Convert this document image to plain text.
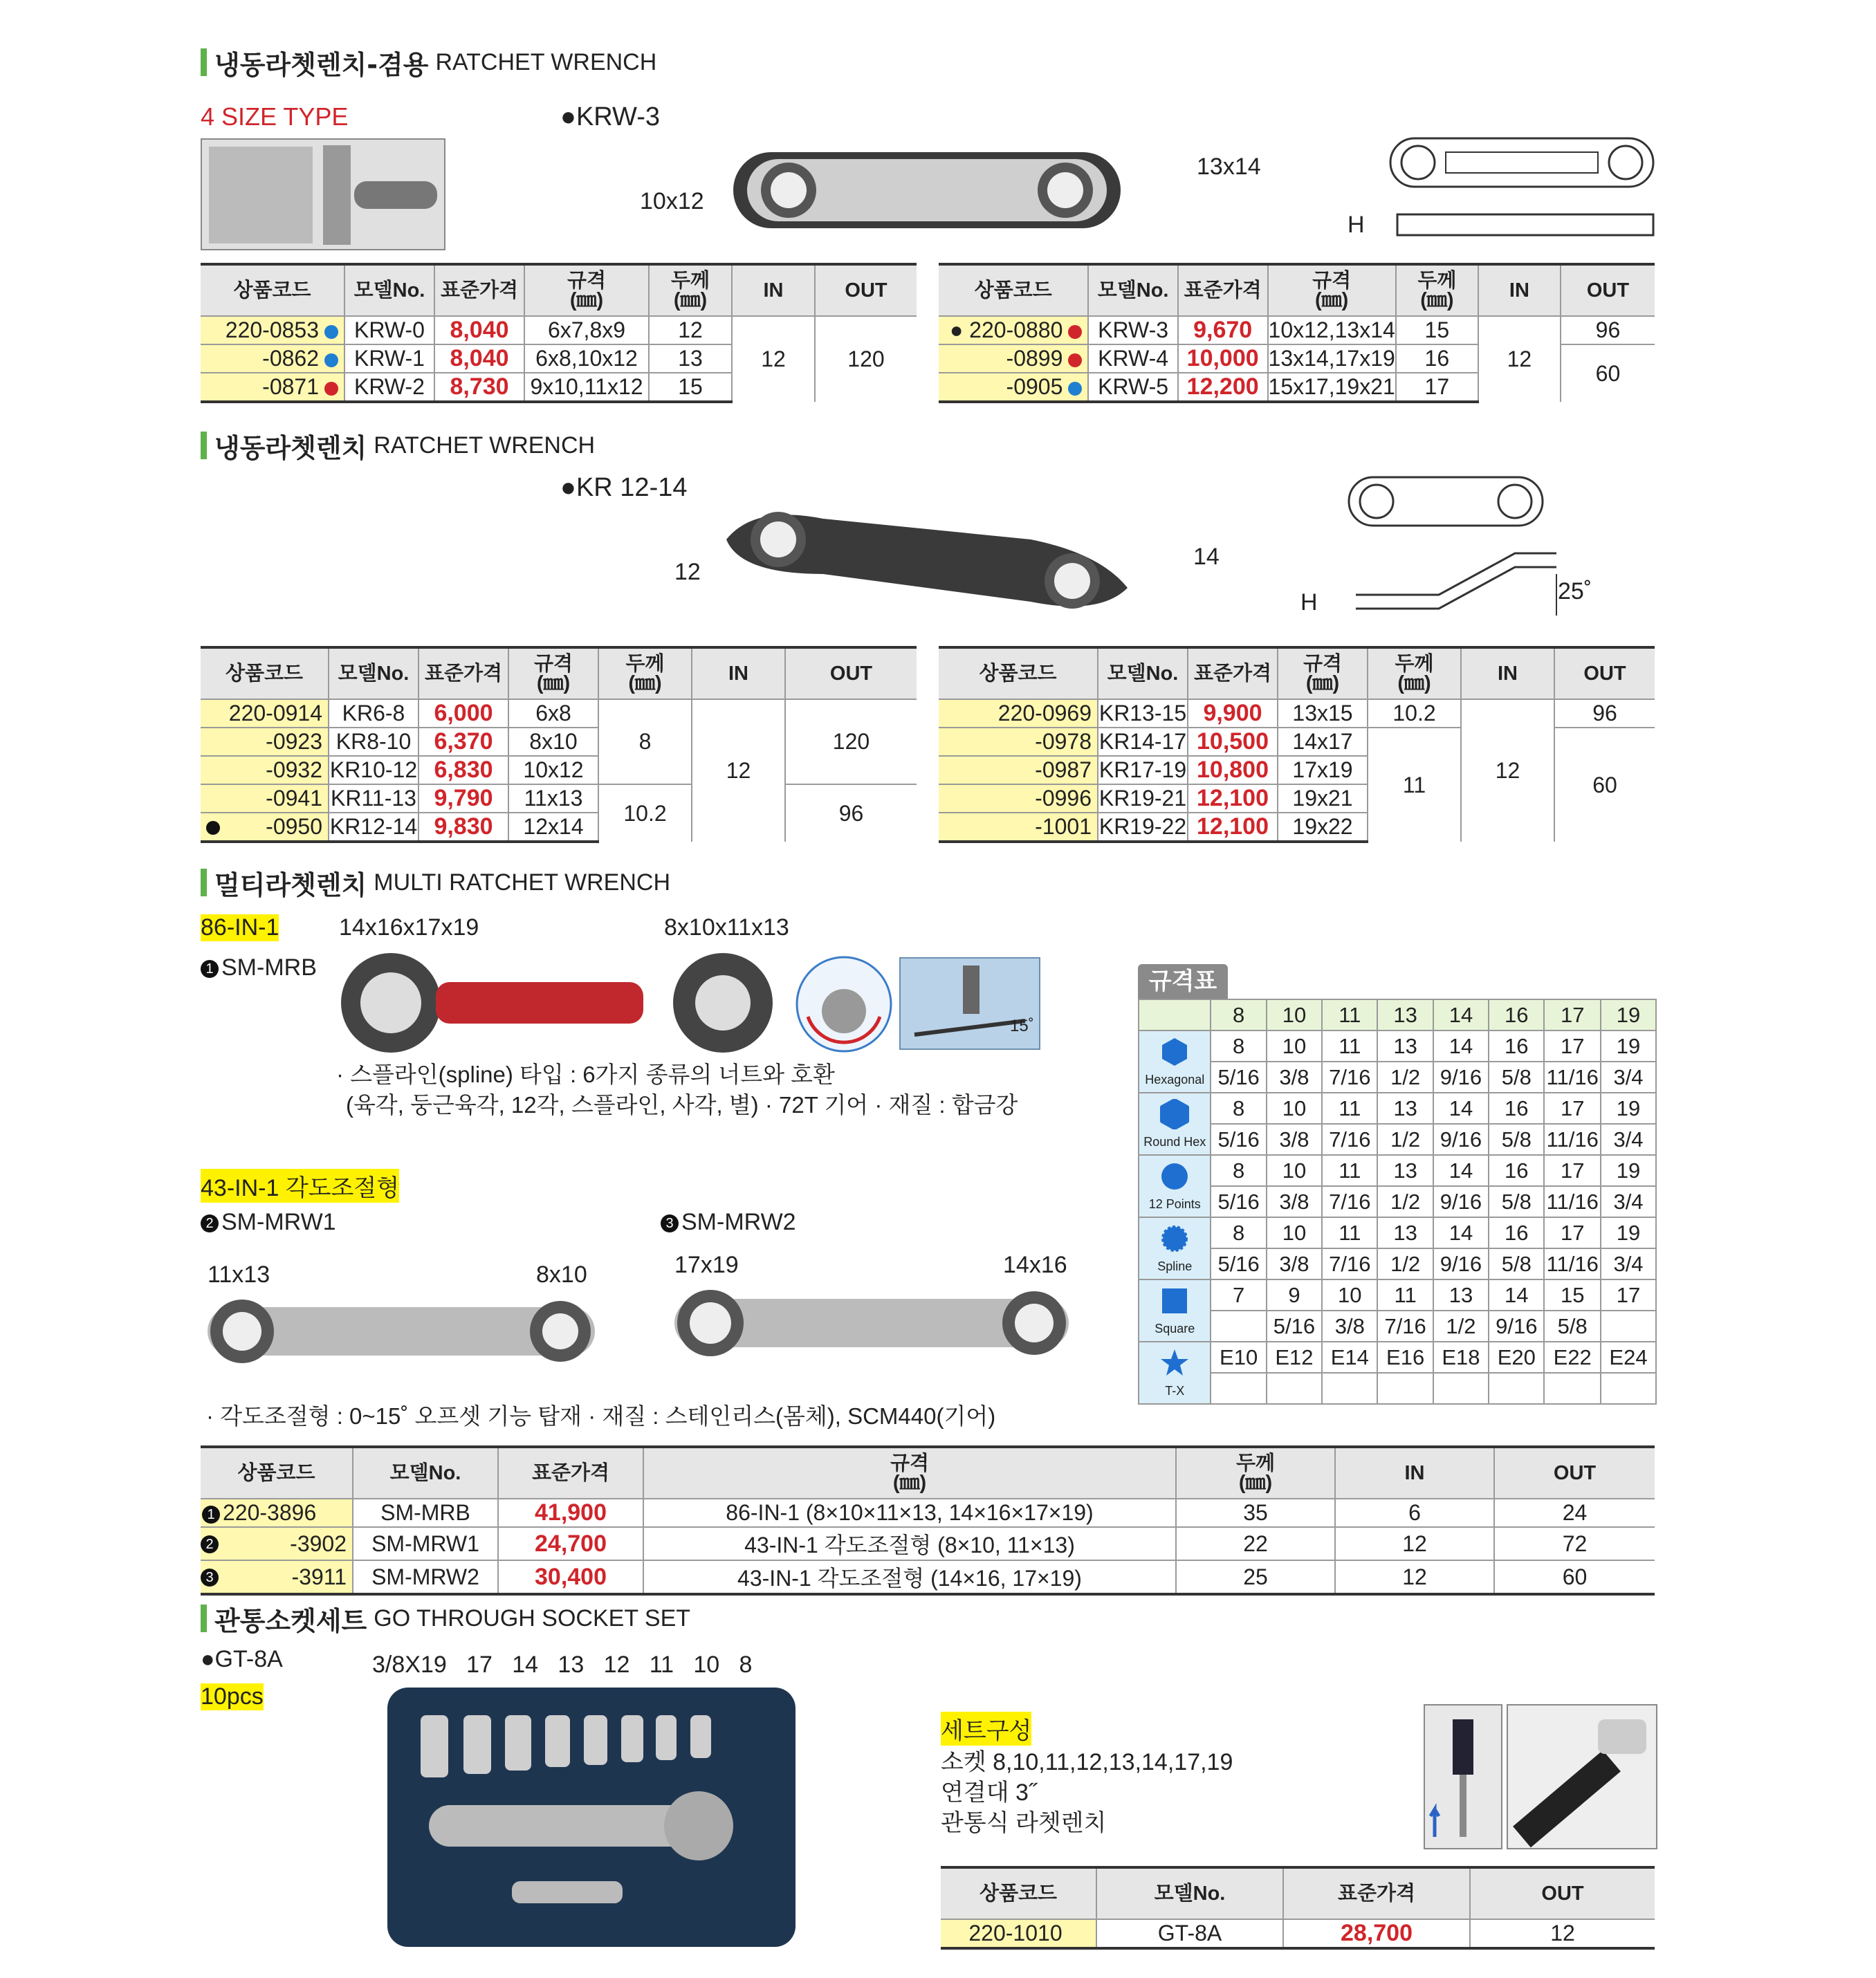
냉동라쳇렌치-겸용 RATCHET WRENCH
4 SIZE TYPE	●KRW-3
10x12
13x14
H
상품코드	모델No.	표준가격	규격
(㎜)	두께
(㎜)	IN	OUT
220-0853	KRW-0	8,040	6x7,8x9	12	12	120
-0862	KRW-1	8,040	6x8,10x12	13		
-0871	KRW-2	8,730	9x10,11x12	15		
상품코드	모델No.	표준가격	규격
(㎜)	두께
(㎜)	IN	OUT
● 220-0880	KRW-3	9,670	10x12,13x14	15	12	96
-0899	KRW-4	10,000	13x14,17x19	16		60
-0905	KRW-5	12,200	15x17,19x21	17		
냉동라쳇렌치 RATCHET WRENCH
●KR 12-14
12
14
H	25˚
상품코드	모델No.	표준가격	규격
(㎜)	두께
(㎜)	IN	OUT
220-0914	KR6-8	6,000	6x8	8	12	120
-0923	KR8-10	6,370	8x10			
-0932	KR10-12	6,830	10x12			
-0941	KR11-13	9,790	11x13	10.2		96

-0950	KR12-14	9,830	12x14			
상품코드	모델No.	표준가격	규격
(㎜)	두께
(㎜)	IN	OUT
220-0969	KR13-15	9,900	13x15	10.2	12	96
-0978	KR14-17	10,500	14x17	11		60
-0987	KR17-19	10,800	17x19			
-0996	KR19-21	12,100	19x21			
-1001	KR19-22	12,100	19x22			
멀티라쳇렌치 MULTI RATCHET WRENCH
86-IN-1	14x16x17x19	8x10x11x13
1 SM-MRB
15˚
· 스플라인(spline) 타입 : 6가지 종류의 너트와 호환
(육각, 둥근육각, 12각, 스플라인, 사각, 별) · 72T 기어 · 재질 : 합금강
43-IN-1 각도조절형
2 SM-MRW1	3 SM-MRW2
11x13	8x10	17x19	14x16
· 각도조절형 : 0~15˚ 오프셋 기능 탑재 · 재질 : 스테인리스(몸체), SCM440(기어)
규격표
	8	10	11	13	14	16	17	19

Hexagonal	8	10	11	13	14	16	17	19
	5/16	3/8	7/16	1/2	9/16	5/8	11/16	3/4

Round Hex	8	10	11	13	14	16	17	19
	5/16	3/8	7/16	1/2	9/16	5/8	11/16	3/4

12 Points	8	10	11	13	14	16	17	19
	5/16	3/8	7/16	1/2	9/16	5/8	11/16	3/4

Spline	8	10	11	13	14	16	17	19
	5/16	3/8	7/16	1/2	9/16	5/8	11/16	3/4

Square	7	9	10	11	13	14	15	17
		5/16	3/8	7/16	1/2	9/16	5/8	

T-X	E10	E12	E14	E16	E18	E20	E22	E24

상품코드	모델No.	표준가격	규격
(㎜)	두께
(㎜)	IN	OUT
1 220-3896	SM-MRB	41,900	86-IN-1 (8×10×11×13, 14×16×17×19)	35	6	24

2 -3902	SM-MRW1	24,700	43-IN-1 각도조절형 (8×10, 11×13)	22	12	72

3 -3911	SM-MRW2	30,400	43-IN-1 각도조절형 (14×16, 17×19)	25	12	60
관통소켓세트 GO THROUGH SOCKET SET
●GT-8A
10pcs
3/8X19   17   14   13   12   11   10   8
세트구성
소켓 8,10,11,12,13,14,17,19
연결대 3˝
관통식 라쳇렌치
상품코드	모델No.	표준가격	OUT
220-1010	GT-8A	28,700	12
